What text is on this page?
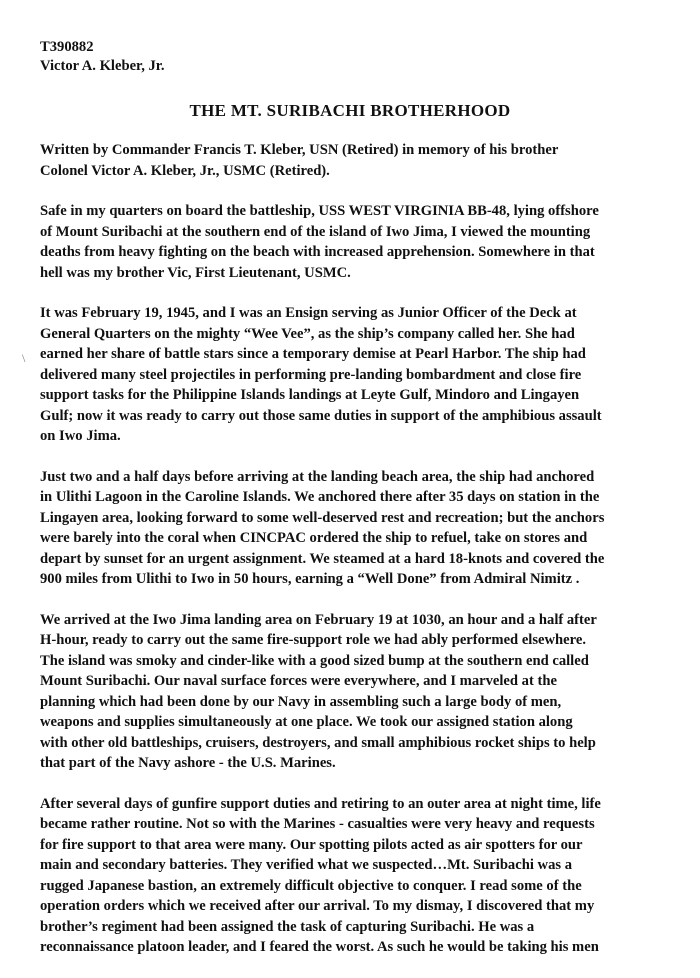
T390882
Victor A. Kleber, Jr.
THE MT. SURIBACHI BROTHERHOOD
Written by Commander Francis T. Kleber, USN (Retired) in memory of his brother
Colonel Victor A. Kleber, Jr., USMC (Retired).
Safe in my quarters on board the battleship, USS WEST VIRGINIA BB-48, lying offshore
of Mount Suribachi at the southern end of the island of Iwo Jima, I viewed the mounting
deaths from heavy fighting on the beach with increased apprehension. Somewhere in that
hell was my brother Vic, First Lieutenant, USMC.
It was February 19, 1945, and I was an Ensign serving as Junior Officer of the Deck at
General Quarters on the mighty “Wee Vee”, as the ship’s company called her. She had
earned her share of battle stars since a temporary demise at Pearl Harbor. The ship had
delivered many steel projectiles in performing pre-landing bombardment and close fire
support tasks for the Philippine Islands landings at Leyte Gulf, Mindoro and Lingayen
Gulf; now it was ready to carry out those same duties in support of the amphibious assault
on Iwo Jima.
Just two and a half days before arriving at the landing beach area, the ship had anchored
in Ulithi Lagoon in the Caroline Islands. We anchored there after 35 days on station in the
Lingayen area, looking forward to some well-deserved rest and recreation; but the anchors
were barely into the coral when CINCPAC ordered the ship to refuel, take on stores and
depart by sunset for an urgent assignment. We steamed at a hard 18-knots and covered the
900 miles from Ulithi to Iwo in 50 hours, earning a “Well Done” from Admiral Nimitz .
We arrived at the Iwo Jima landing area on February 19 at 1030, an hour and a half after
H-hour, ready to carry out the same fire-support role we had ably performed elsewhere.
The island was smoky and cinder-like with a good sized bump at the southern end called
Mount Suribachi. Our naval surface forces were everywhere, and I marveled at the
planning which had been done by our Navy in assembling such a large body of men,
weapons and supplies simultaneously at one place. We took our assigned station along
with other old battleships, cruisers, destroyers, and small amphibious rocket ships to help
that part of the Navy ashore - the U.S. Marines.
After several days of gunfire support duties and retiring to an outer area at night time, life
became rather routine. Not so with the Marines - casualties were very heavy and requests
for fire support to that area were many. Our spotting pilots acted as air spotters for our
main and secondary batteries. They verified what we suspected…Mt. Suribachi was a
rugged Japanese bastion, an extremely difficult objective to conquer. I read some of the
operation orders which we received after our arrival. To my dismay, I discovered that my
brother’s regiment had been assigned the task of capturing Suribachi. He was a
reconnaissance platoon leader, and I feared the worst. As such he would be taking his men
\
